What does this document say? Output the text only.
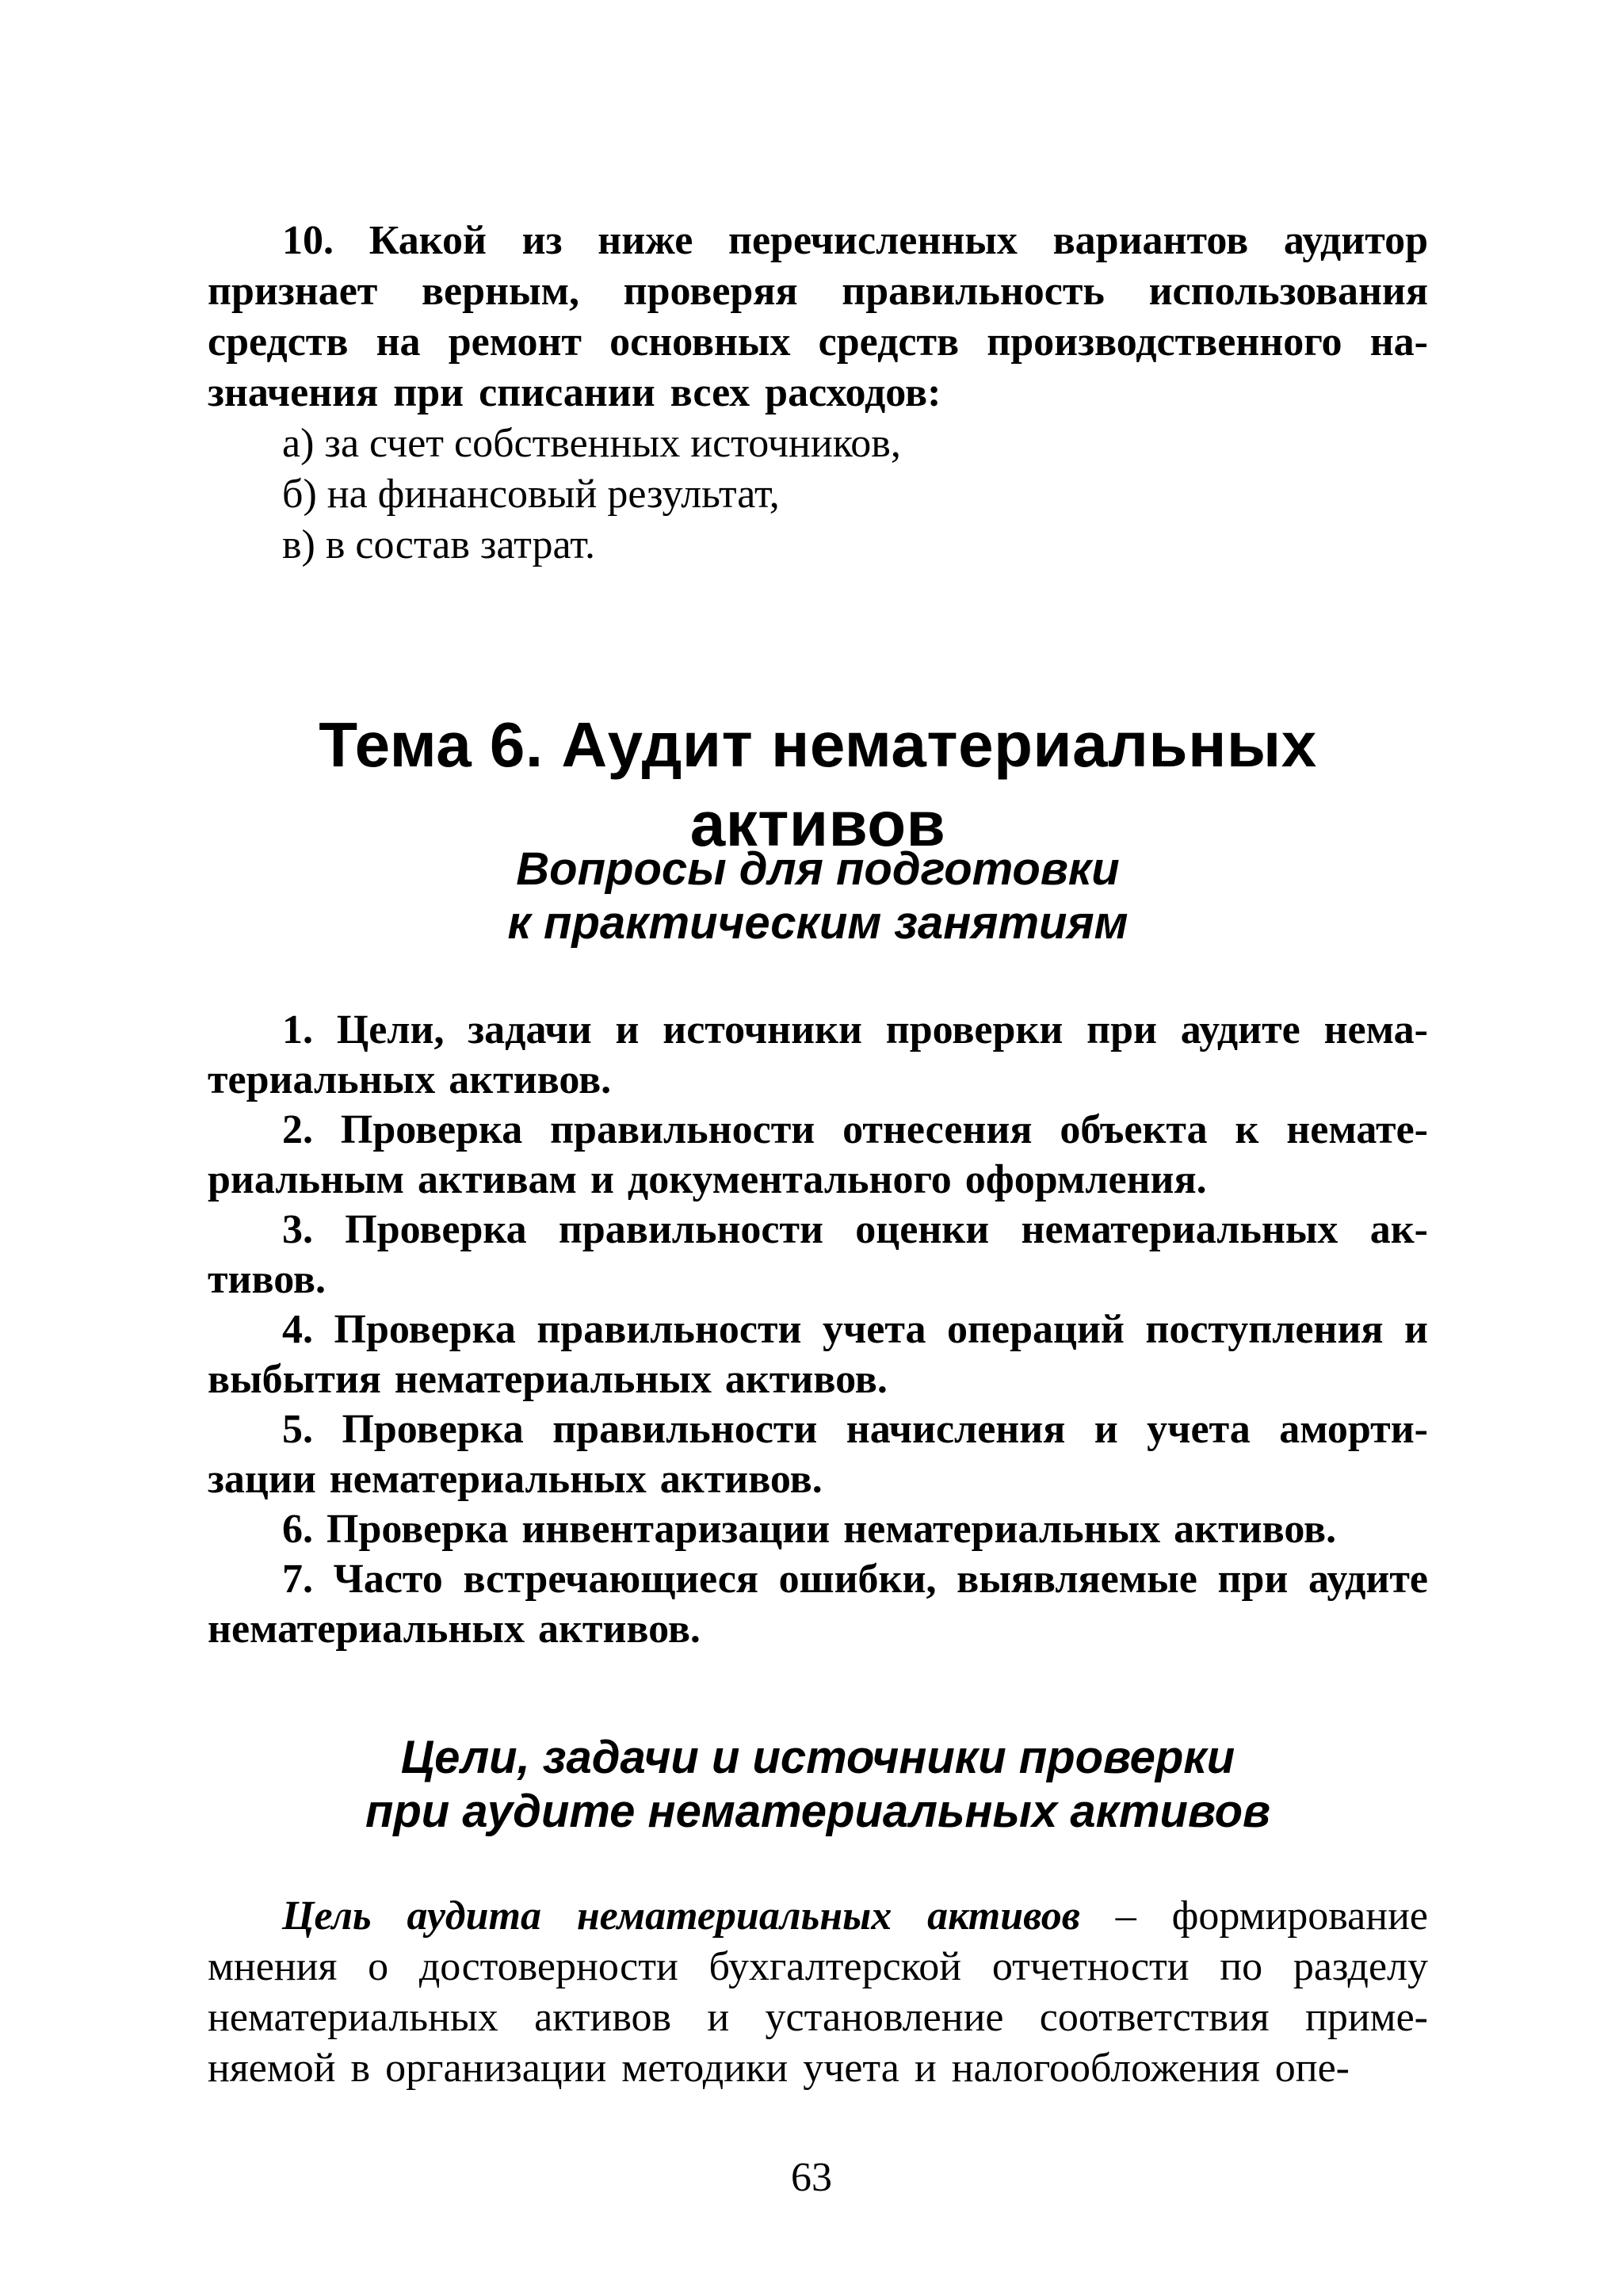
10. Какой из ниже перечисленных вариантов аудитор признает верным, проверяя правильность использования средств на ремонт основных средств производственного назначения при списании всех расходов:

а) за счет собственных источников,

б) на финансовый результат,

в) в состав затрат.

Тема 6. Аудит нематериальных активов
Вопросы для подготовки
к практическим занятиям

1. Цели, задачи и источники проверки при аудите нематериальных активов.

2. Проверка правильности отнесения объекта к нематериальным активам и документального оформления.

3. Проверка правильности оценки нематериальных активов.

4. Проверка правильности учета операций поступления и выбытия нематериальных активов.

5. Проверка правильности начисления и учета амортизации нематериальных активов.

6. Проверка инвентаризации нематериальных активов.

7. Часто встречающиеся ошибки, выявляемые при аудите нематериальных активов.

Цели, задачи и источники проверки
при аудите нематериальных активов

Цель аудита нематериальных активов – формирование мнения о достоверности бухгалтерской отчетности по разделу нематериальных активов и установление соответствия применяемой в организации методики учета и налогообложения опе-

63
